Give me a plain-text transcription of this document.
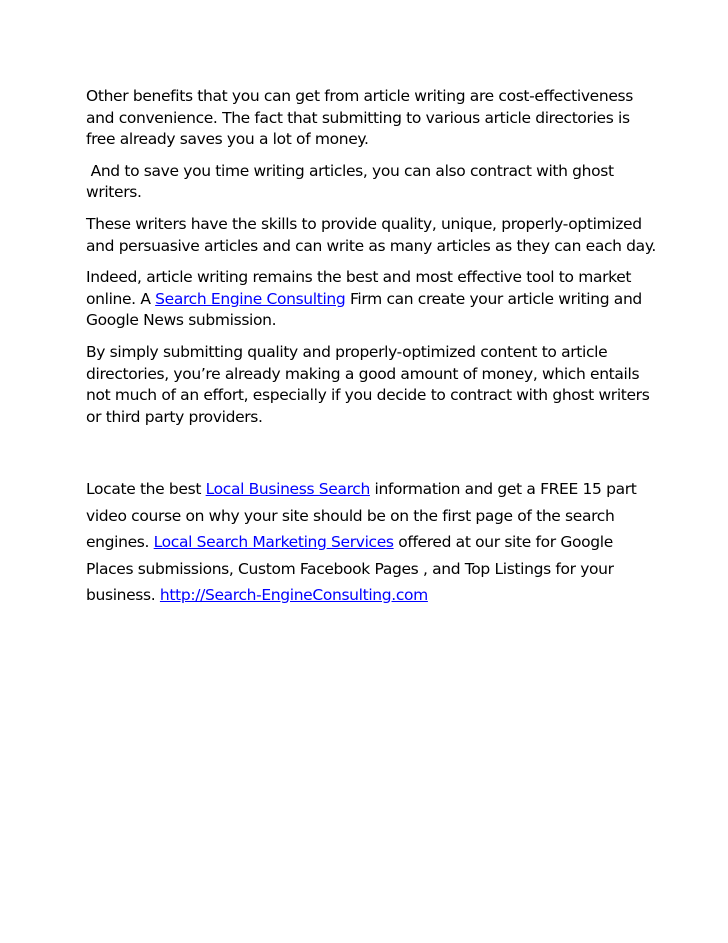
Other benefits that you can get from article writing are cost-effectiveness and convenience. The fact that submitting to various article directories is free already saves you a lot of money.

And to save you time writing articles, you can also contract with ghost writers.

These writers have the skills to provide quality, unique, properly-optimized and persuasive articles and can write as many articles as they can each day.

Indeed, article writing remains the best and most effective tool to market online. A Search Engine Consulting Firm can create your article writing and Google News submission.

By simply submitting quality and properly-optimized content to article directories, you’re already making a good amount of money, which entails not much of an effort, especially if you decide to contract with ghost writers or third party providers.

Locate the best Local Business Search information and get a FREE 15 part video course on why your site should be on the first page of the search engines. Local Search Marketing Services offered at our site for Google Places submissions, Custom Facebook Pages , and Top Listings for your business. http://Search-EngineConsulting.com
